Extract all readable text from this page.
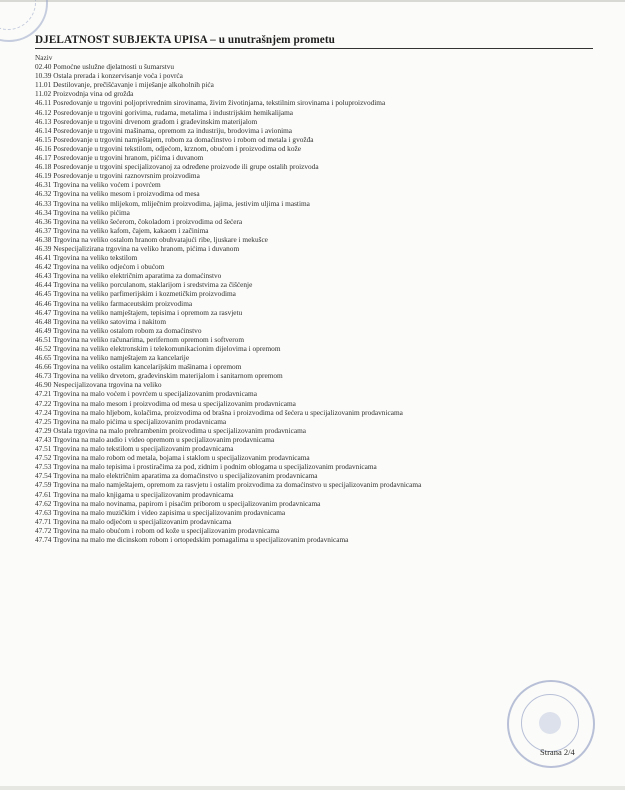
DJELATNOST SUBJEKTA UPISA – u unutrašnjem prometu
Naziv
02.40 Pomoćne uslužne djelatnosti u šumarstvu
10.39 Ostala prerada i konzervisanje voća i povrća
11.01 Destilovanje, prečišćavanje i miješanje alkoholnih pića
11.02 Proizvodnja vina od grožđa
46.11 Posredovanje u trgovini poljoprivrednim sirovinama, živim životinjama, tekstilnim sirovinama i poluproizvodima
46.12 Posredovanje u trgovini gorivima, rudama, metalima i industrijskim hemikalijama
46.13 Posredovanje u trgovini drvenom građom i građevinskim materijalom
46.14 Posredovanje u trgovini mašinama, opremom za industriju, brodovima i avionima
46.15 Posredovanje u trgovini namještajem, robom za domaćinstvo i robom od metala i gvožđa
46.16 Posredovanje u trgovini tekstilom, odjećom, krznom, obućom i proizvodima od kože
46.17 Posredovanje u trgovini hranom, pićima i duvanom
46.18 Posredovanje u trgovini specijalizovanoj za određene proizvode ili grupe ostalih proizvoda
46.19 Posredovanje u trgovini raznovrsnim proizvodima
46.31 Trgovina na veliko voćem i povrćem
46.32 Trgovina na veliko mesom i proizvodima od mesa
46.33 Trgovina na veliko mlijekom, mliječnim proizvodima, jajima, jestivim uljima i mastima
46.34 Trgovina na veliko pićima
46.36 Trgovina na veliko šećerom, čokoladom i proizvodima od šećera
46.37 Trgovina na veliko kafom, čajem, kakaom i začinima
46.38 Trgovina na veliko ostalom hranom obuhvatajući ribe, ljuskare i mekušce
46.39 Nespecijalizirana trgovina na veliko hranom, pićima i duvanom
46.41 Trgovina na veliko tekstilom
46.42 Trgovina na veliko odjećom i obućom
46.43 Trgovina na veliko električnim aparatima za domaćinstvo
46.44 Trgovina na veliko porculanom, staklarijom i sredstvima za čišćenje
46.45 Trgovina na veliko parfimerijskim i kozmetičkim proizvodima
46.46 Trgovina na veliko farmaceutskim proizvodima
46.47 Trgovina na veliko namještajem, tepisima i opremom za rasvjetu
46.48 Trgovina na veliko satovima i nakitom
46.49 Trgovina na veliko ostalom robom za domaćinstvo
46.51 Trgovina na veliko računarima, perifernom opremom i softverom
46.52 Trgovina na veliko elektronskim i telekomunikacionim dijelovima i opremom
46.65 Trgovina na veliko namještajem za kancelarije
46.66 Trgovina na veliko ostalim kancelarijskim mašinama i opremom
46.73 Trgovina na veliko drvetom, građevinskim materijalom i sanitarnom opremom
46.90 Nespecijalizovana trgovina na veliko
47.21 Trgovina na malo voćem i povrćem u specijalizovanim prodavnicama
47.22 Trgovina na malo mesom i proizvodima od mesa u specijalizovanim prodavnicama
47.24 Trgovina na malo hljebom, kolačima, proizvodima od brašna i proizvodima od šećera u specijalizovanim prodavnicama
47.25 Trgovina na malo pićima u specijalizovanim prodavnicama
47.29 Ostala trgovina na malo prehrambenim proizvodima u specijalizovanim prodavnicama
47.43 Trgovina na malo audio i video opremom u specijalizovanim prodavnicama
47.51 Trgovina na malo tekstilom u specijalizovanim prodavnicama
47.52 Trgovina na malo robom od metala, bojama i staklom u specijalizovanim prodavnicama
47.53 Trgovina na malo tepisima i prostiračima za pod, zidnim i podnim oblogama u specijalizovanim prodavnicama
47.54 Trgovina na malo električnim aparatima za domaćinstvo u specijalizovanim prodavnicama
47.59 Trgovina na malo namještajem, opremom za rasvjetu i ostalim proizvodima za domaćinstvo u specijalizovanim prodavnicama
47.61 Trgovina na malo knjigama u specijalizovanim prodavnicama
47.62 Trgovina na malo novinama, papirom i pisaćim priborom u specijalizovanim prodavnicama
47.63 Trgovina na malo muzičkim i video zapisima u specijalizovanim prodavnicama
47.71 Trgovina na malo odjećom u specijalizovanim prodavnicama
47.72 Trgovina na malo obućom i robom od kože u specijalizovanim prodavnicama
47.74 Trgovina na malo me dicinskom robom i ortopedskim pomagalima u specijalizovanim prodavnicama
Strana 2/4
